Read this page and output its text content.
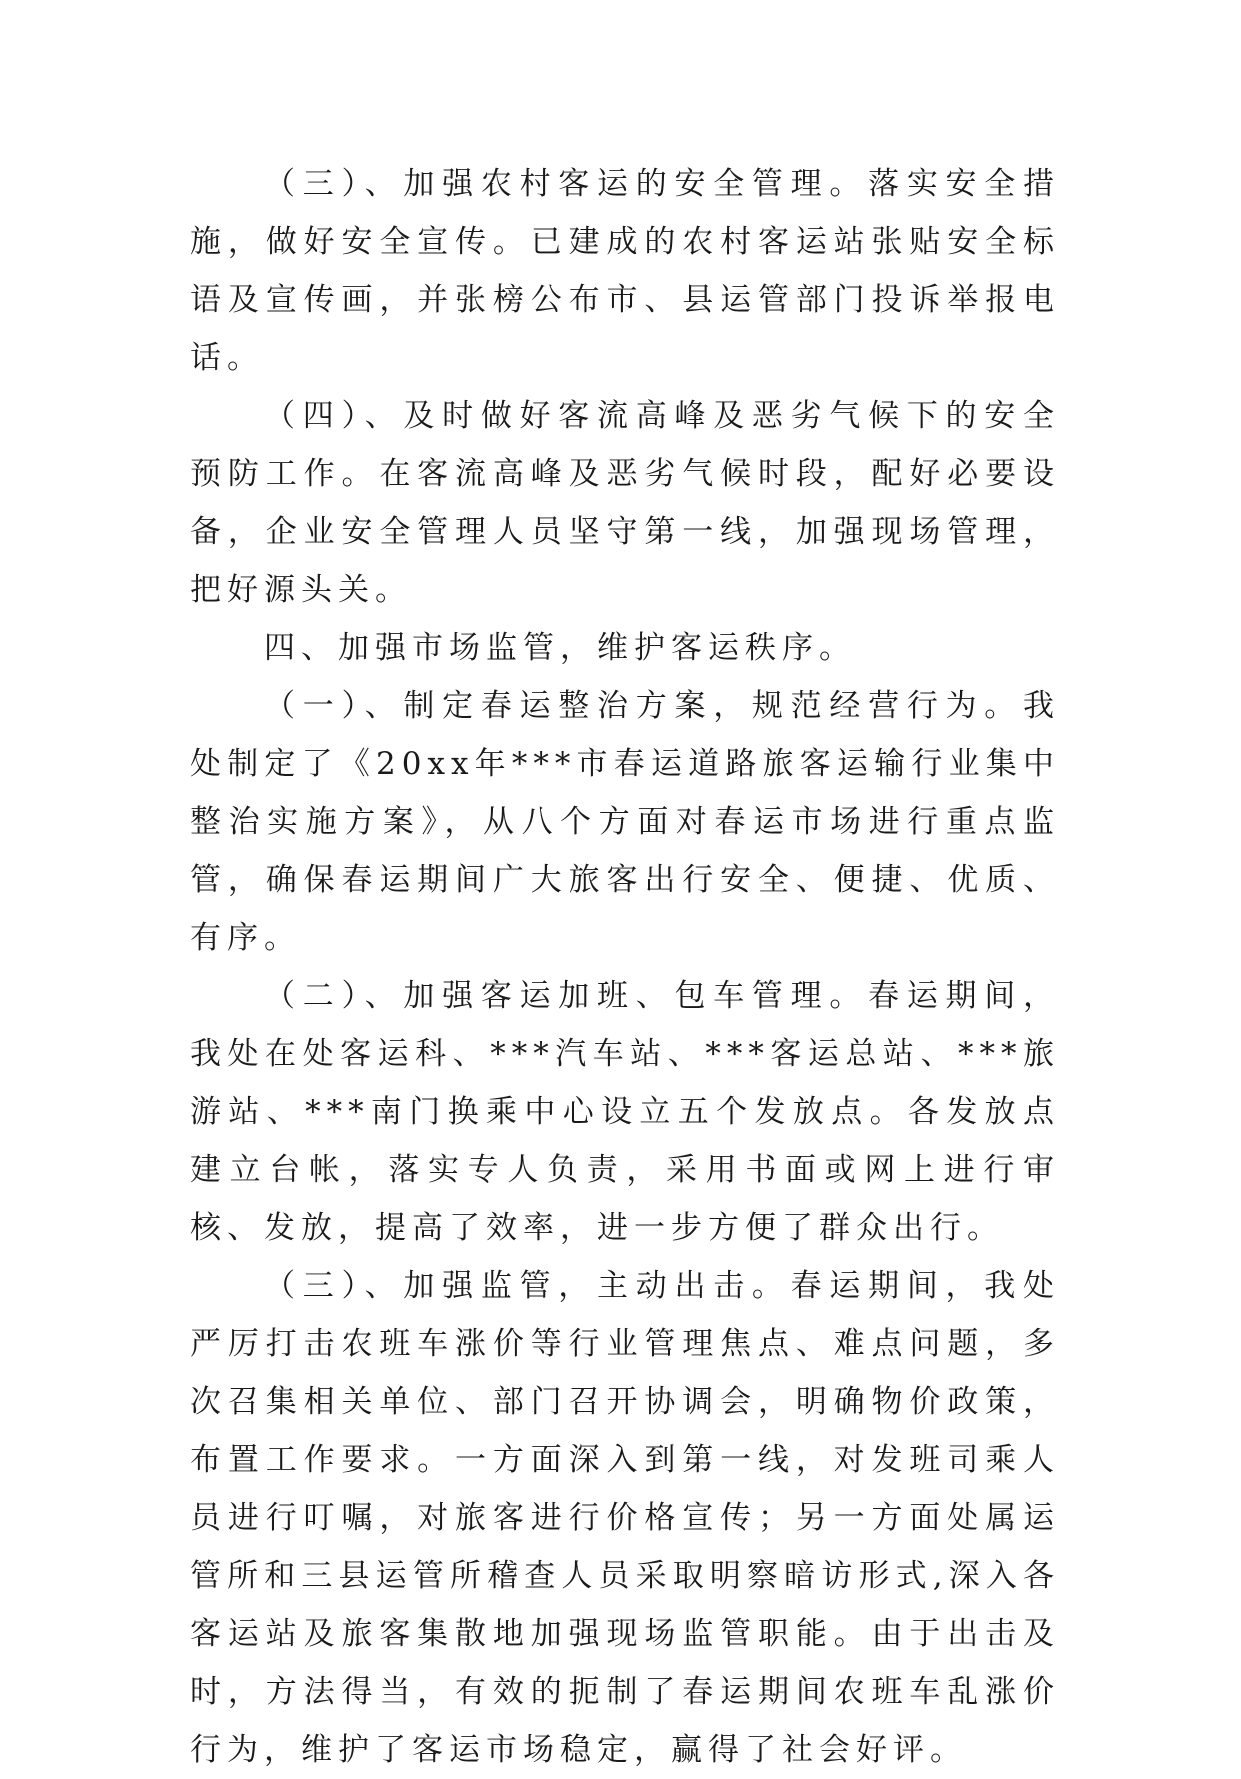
（三）、加强农村客运的安全管理。落实安全措施，做好安全宣传。已建成的农村客运站张贴安全标语及宣传画，并张榜公布市、县运管部门投诉举报电话。

（四）、及时做好客流高峰及恶劣气候下的安全预防工作。在客流高峰及恶劣气候时段，配好必要设备，企业安全管理人员坚守第一线，加强现场管理，把好源头关。

四、加强市场监管，维护客运秩序。

（一）、制定春运整治方案，规范经营行为。我处制定了《20xx年***市春运道路旅客运输行业集中整治实施方案》，从八个方面对春运市场进行重点监管，确保春运期间广大旅客出行安全、便捷、优质、有序。

（二）、加强客运加班、包车管理。春运期间，我处在处客运科、***汽车站、***客运总站、***旅游站、***南门换乘中心设立五个发放点。各发放点建立台帐，落实专人负责，采用书面或网上进行审核、发放，提高了效率，进一步方便了群众出行。

（三）、加强监管，主动出击。春运期间，我处严厉打击农班车涨价等行业管理焦点、难点问题，多次召集相关单位、部门召开协调会，明确物价政策，布置工作要求。一方面深入到第一线，对发班司乘人员进行叮嘱，对旅客进行价格宣传；另一方面处属运管所和三县运管所稽查人员采取明察暗访形式,深入各客运站及旅客集散地加强现场监管职能。由于出击及时，方法得当，有效的扼制了春运期间农班车乱涨价行为，维护了客运市场稳定，赢得了社会好评。
